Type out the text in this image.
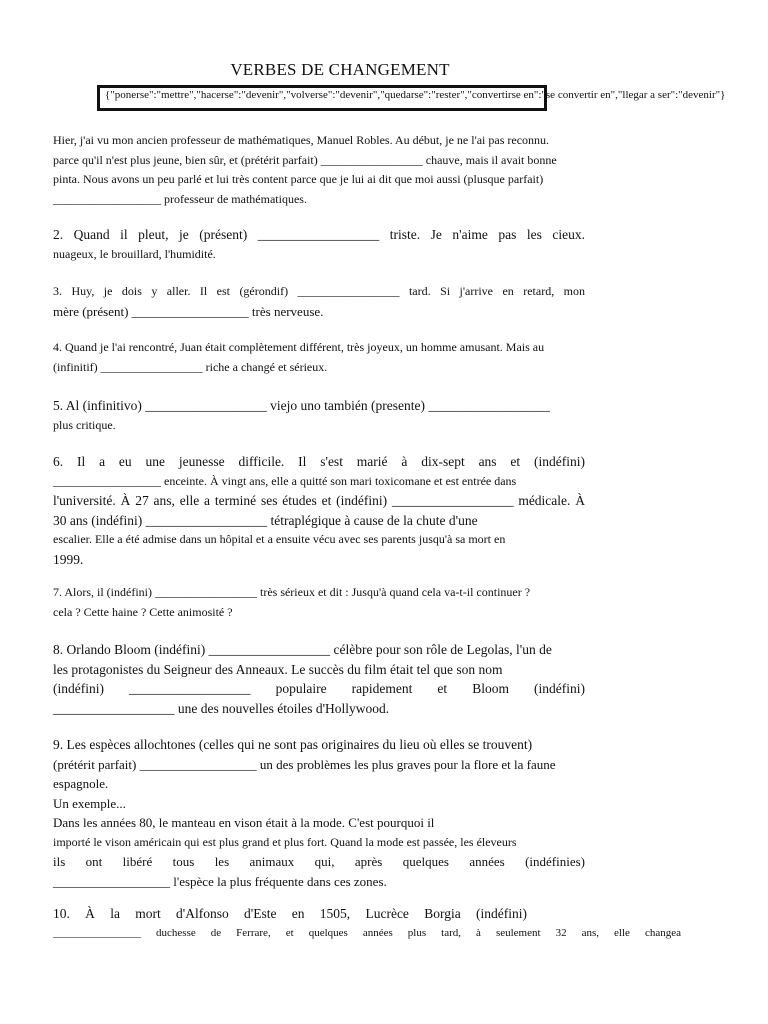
VERBES DE CHANGEMENT
{"ponerse":"mettre","hacerse":"devenir","volverse":"devenir","quedarse":"rester","convertirse en":"se convertir en","llegar a ser":"devenir"}
Hier, j'ai vu mon ancien professeur de mathématiques, Manuel Robles. Au début, je ne l'ai pas reconnu.
parce qu'il n'est plus jeune, bien sûr, et (prétérit parfait) _________________ chauve, mais il avait bonne
pinta. Nous avons un peu parlé et lui très content parce que je lui ai dit que moi aussi (plusque parfait)
__________________ professeur de mathématiques.
2. Quand il pleut, je (présent) __________________ triste. Je n'aime pas les cieux.
nuageux, le brouillard, l'humidité.
3. Huy, je dois y aller. Il est (gérondif) _________________ tard. Si j'arrive en retard, mon
mère (présent) __________________ très nerveuse.
4. Quand je l'ai rencontré, Juan était complètement différent, très joyeux, un homme amusant. Mais au
(infinitif) _________________ riche a changé et sérieux.
5. Al (infinitivo) __________________ viejo uno también (presente) __________________
plus critique.
6. Il a eu une jeunesse difficile. Il s'est marié à dix-sept ans et (indéfini)
__________________ enceinte. À vingt ans, elle a quitté son mari toxicomane et est entrée dans
l'université. À 27 ans, elle a terminé ses études et (indéfini) __________________ médicale. À
30 ans (indéfini) __________________ tétraplégique à cause de la chute d'une
escalier. Elle a été admise dans un hôpital et a ensuite vécu avec ses parents jusqu'à sa mort en
1999.
7. Alors, il (indéfini) _________________ très sérieux et dit : Jusqu'à quand cela va-t-il continuer ?
cela ? Cette haine ? Cette animosité ?
8. Orlando Bloom (indéfini) __________________ célèbre pour son rôle de Legolas, l'un de
les protagonistes du Seigneur des Anneaux. Le succès du film était tel que son nom
(indéfini) __________________ populaire rapidement et Bloom (indéfini)
__________________ une des nouvelles étoiles d'Hollywood.
9. Les espèces allochtones (celles qui ne sont pas originaires du lieu où elles se trouvent)
(prétérit parfait) __________________ un des problèmes les plus graves pour la flore et la faune
espagnole.
Un exemple...
Dans les années 80, le manteau en vison était à la mode. C'est pourquoi il
importé le vison américain qui est plus grand et plus fort. Quand la mode est passée, les éleveurs
ils ont libéré tous les animaux qui, après quelques années (indéfinies)
__________________ l'espèce la plus fréquente dans ces zones.
10. À la mort d'Alfonso d'Este en 1505, Lucrèce Borgia (indéfini)
________________ duchesse de Ferrare, et quelques années plus tard, à seulement 32 ans, elle changea
